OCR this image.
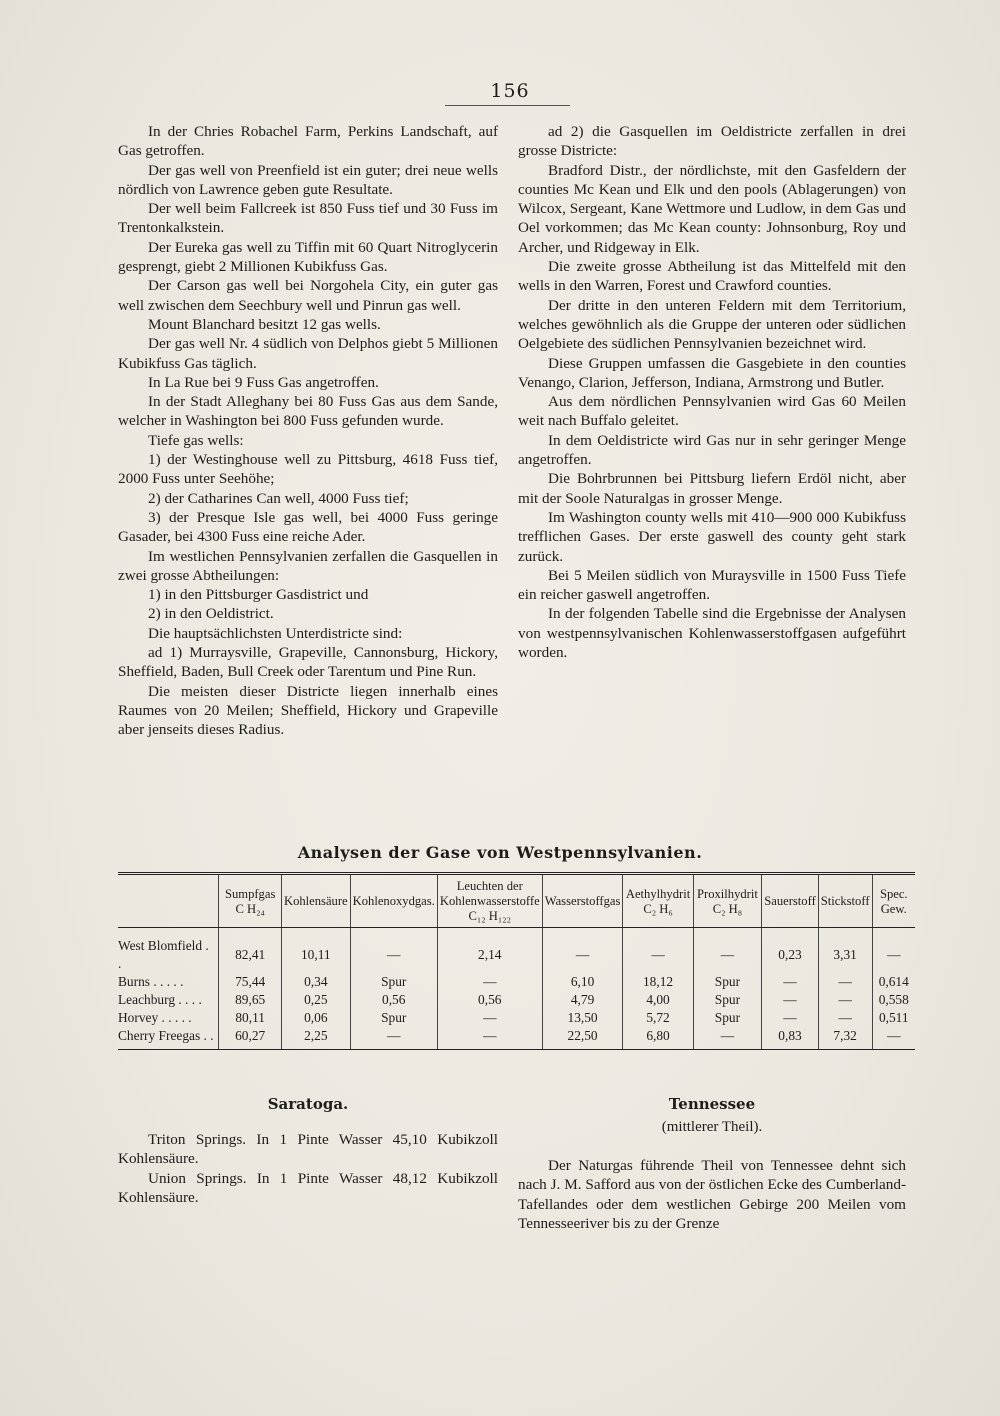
156

In der Chries Robachel Farm, Perkins Landschaft, auf Gas getroffen.

Der gas well von Preenfield ist ein guter; drei neue wells nördlich von Lawrence geben gute Resultate.

Der well beim Fallcreek ist 850 Fuss tief und 30 Fuss im Trentonkalkstein.

Der Eureka gas well zu Tiffin mit 60 Quart Nitroglycerin gesprengt, giebt 2 Millionen Kubikfuss Gas.

Der Carson gas well bei Norgohela City, ein guter gas well zwischen dem Seechbury well und Pinrun gas well.

Mount Blanchard besitzt 12 gas wells.

Der gas well Nr. 4 südlich von Delphos giebt 5 Millionen Kubikfuss Gas täglich.

In La Rue bei 9 Fuss Gas angetroffen.

In der Stadt Alleghany bei 80 Fuss Gas aus dem Sande, welcher in Washington bei 800 Fuss gefunden wurde.

Tiefe gas wells:

1) der Westinghouse well zu Pittsburg, 4618 Fuss tief, 2000 Fuss unter Seehöhe;

2) der Catharines Can well, 4000 Fuss tief;

3) der Presque Isle gas well, bei 4000 Fuss geringe Gasader, bei 4300 Fuss eine reiche Ader.

Im westlichen Pennsylvanien zerfallen die Gasquellen in zwei grosse Abtheilungen:

1) in den Pittsburger Gasdistrict und

2) in den Oeldistrict.

Die hauptsächlichsten Unterdistricte sind:

ad 1) Murraysville, Grapeville, Cannonsburg, Hickory, Sheffield, Baden, Bull Creek oder Tarentum und Pine Run.

Die meisten dieser Districte liegen innerhalb eines Raumes von 20 Meilen; Sheffield, Hickory und Grapeville aber jenseits dieses Radius.

ad 2) die Gasquellen im Oeldistricte zerfallen in drei grosse Districte:

Bradford Distr., der nördlichste, mit den Gasfeldern der counties Mc Kean und Elk und den pools (Ablagerungen) von Wilcox, Sergeant, Kane Wettmore und Ludlow, in dem Gas und Oel vorkommen; das Mc Kean county: Johnsonburg, Roy und Archer, und Ridgeway in Elk.

Die zweite grosse Abtheilung ist das Mittelfeld mit den wells in den Warren, Forest und Crawford counties.

Der dritte in den unteren Feldern mit dem Territorium, welches gewöhnlich als die Gruppe der unteren oder südlichen Oelgebiete des südlichen Pennsylvanien bezeichnet wird.

Diese Gruppen umfassen die Gasgebiete in den counties Venango, Clarion, Jefferson, Indiana, Armstrong und Butler.

Aus dem nördlichen Pennsylvanien wird Gas 60 Meilen weit nach Buffalo geleitet.

In dem Oeldistricte wird Gas nur in sehr geringer Menge angetroffen.

Die Bohrbrunnen bei Pittsburg liefern Erdöl nicht, aber mit der Soole Naturalgas in grosser Menge.

Im Washington county wells mit 410—900 000 Kubikfuss trefflichen Gases. Der erste gaswell des county geht stark zurück.

Bei 5 Meilen südlich von Muraysville in 1500 Fuss Tiefe ein reicher gaswell angetroffen.

In der folgenden Tabelle sind die Ergebnisse der Analysen von westpennsylvanischen Kohlenwasserstoffgasen aufgeführt worden.

Analysen der Gase von Westpennsylvanien.
	Sumpfgas C H₂₄	Kohlensäure	Kohlenoxydgas.	Leuchten der Kohlenwasserstoffe C₁₂ H₁₂₂	Wasserstoffgas	Aethylhydrit C₂ H₆	Proxilhydrit C₂ H₈	Sauerstoff	Stickstoff	Spec. Gew.
West Blomfield . .	82,41	10,11	—	2,14	—	—	—	0,23	3,31	—
Burns . . . . .	75,44	0,34	Spur	—	6,10	18,12	Spur	—	—	0,614
Leachburg . . . .	89,65	0,25	0,56	0,56	4,79	4,00	Spur	—	—	0,558
Horvey . . . . .	80,11	0,06	Spur	—	13,50	5,72	Spur	—	—	0,511
Cherry Freegas . .	60,27	2,25	—	—	22,50	6,80	—	0,83	7,32	—
Saratoga.

Triton Springs. In 1 Pinte Wasser 45,10 Kubikzoll Kohlensäure.

Union Springs. In 1 Pinte Wasser 48,12 Kubikzoll Kohlensäure.

Tennessee
(mittlerer Theil).

Der Naturgas führende Theil von Tennessee dehnt sich nach J. M. Safford aus von der östlichen Ecke des Cumberland-Tafellandes oder dem westlichen Gebirge 200 Meilen vom Tennesseeriver bis zu der Grenze
